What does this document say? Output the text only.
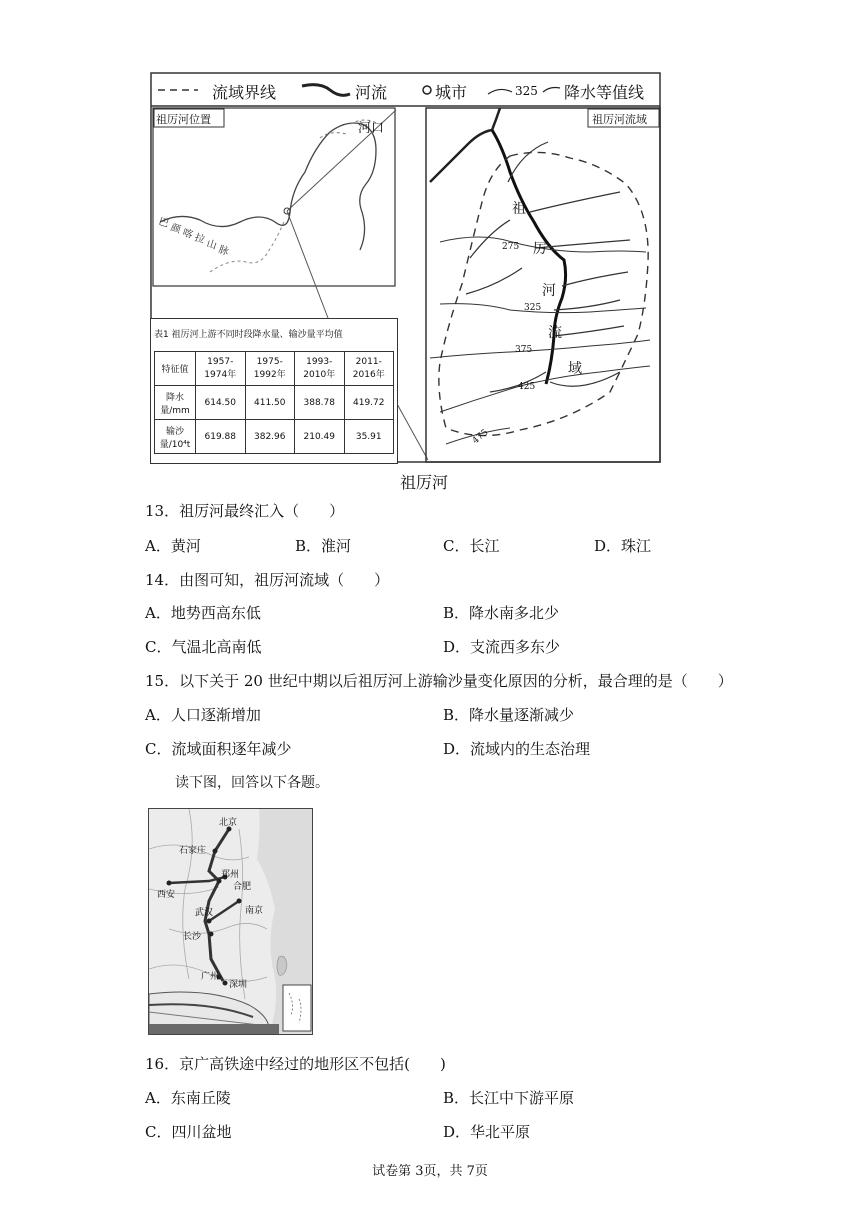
巴 颜 喀 拉 山 脉
流域界线	河流	城市	325 降水等值线
祖厉河位置
河口
祖厉河流域
祖
厉
河
流
域
275
325
375
425
475
表1 祖厉河上游不同时段降水量、输沙量平均值
特征值	1957-1974年	1975-1992年	1993-2010年	2011-2016年
降水量/mm	614.50	411.50	388.78	419.72
输沙量/10⁴t	619.88	382.96	210.49	35.91
祖厉河
13．祖厉河最终汇入（　　）
A．黄河	B．淮河	C．长江	D．珠江
14．由图可知，祖厉河流域（　　）
A．地势西高东低	B．降水南多北少
C．气温北高南低	D．支流西多东少
15．以下关于 20 世纪中期以后祖厉河上游输沙量变化原因的分析，最合理的是（　　）
A．人口逐渐增加	B．降水量逐渐减少
C．流域面积逐年减少	D．流域内的生态治理
读下图，回答以下各题。
北京
石家庄
郑州
合肥
西安
南京
武汉
长沙
广州
深圳
16．京广高铁途中经过的地形区不包括(　　)
A．东南丘陵	B．长江中下游平原
C．四川盆地	D．华北平原
试卷第 3页，共 7页
